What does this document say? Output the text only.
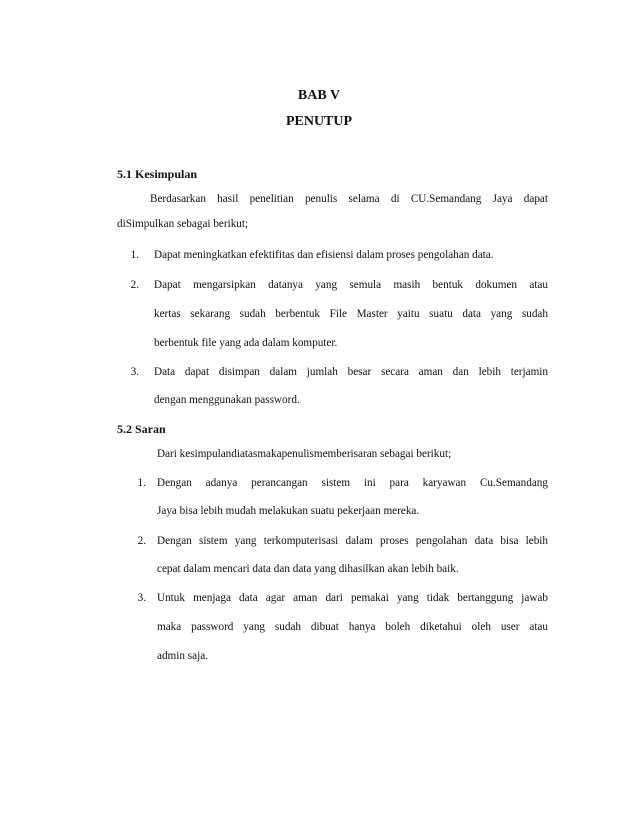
BAB V

PENUTUP

5.1 Kesimpulan

Berdasarkan hasil penelitian penulis selama di CU.Semandang Jaya dapat

diSimpulkan sebagai berikut;

1. Dapat meningkatkan efektifitas dan efisiensi dalam proses pengolahan data.

2. Dapat mengarsipkan datanya yang semula masih bentuk dokumen atau

kertas sekarang sudah berbentuk File Master yaitu suatu data yang sudah

berbentuk file yang ada dalam komputer.

3. Data dapat disimpan dalam jumlah besar secara aman dan lebih terjamin

dengan menggunakan password.

5.2 Saran

Dari kesimpulandiatasmakapenulismemberisaran sebagai berikut;

1. Dengan adanya perancangan sistem ini para karyawan Cu.Semandang

Jaya bisa lebih mudah melakukan suatu pekerjaan mereka.

2. Dengan sistem yang terkomputerisasi dalam proses pengolahan data bisa lebih

cepat dalam mencari data dan data yang dihasilkan akan lebih baik.

3. Untuk menjaga data agar aman dari pemakai yang tidak bertanggung jawab

maka password yang sudah dibuat hanya boleh diketahui oleh user atau

admin saja.
